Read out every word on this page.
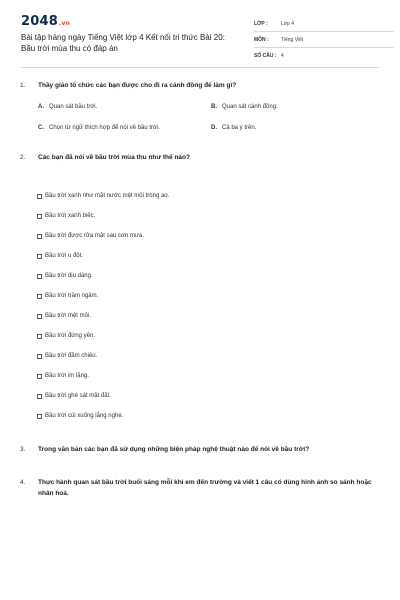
2048.vn
Bài tập hàng ngày Tiếng Việt lớp 4 Kết nối tri thức Bài 20: Bầu trời mùa thu có đáp án
LỚP :	Lớp 4
MÔN :	Tiếng Việt
SỐ CÂU : 4
1. Thầy giáo tổ chức các bạn được cho đi ra cánh đồng để làm gì?
A. Quan sát bầu trời.	B. Quan sát cánh đồng.
C. Chọn từ ngữ thích hợp để nói về bầu trời.	D. Cả ba ý trên.
2. Các bạn đã nói về bầu trời mùa thu như thế nào?
Bầu trời xanh như mặt nước mệt mỏi trong ao.
Bầu trời xanh biếc.
Bầu trời được rửa mặt sau cơn mưa.
Bầu trời u đột.
Bầu trời dịu dàng.
Bầu trời trầm ngâm.
Bầu trời mệt mỏi.
Bầu trời đứng yên.
Bầu trời đăm chiêu.
Bầu trời im lặng.
Bầu trời ghé sát mặt đất.
Bầu trời cúi xuống lắng nghe.
3. Trong văn bản các bạn đã sử dụng những biện pháp nghệ thuật nào để nói về bầu trời?
4. Thực hành quan sát bầu trời buổi sáng mỗi khi em đến trường và viết 1 câu có dùng hình ảnh so sánh hoặc nhân hoá.
